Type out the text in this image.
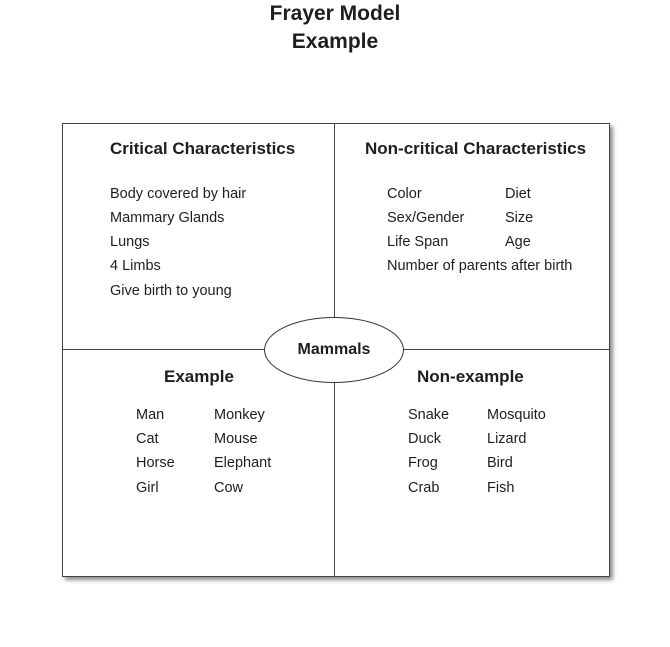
Frayer Model
Example
Critical Characteristics
Body covered by hair
Mammary Glands
Lungs
4 Limbs
Give birth to young
Non-critical Characteristics
Color
Sex/Gender
Life Span
Diet
Size
Age
Number of parents after birth
Example
Man
Cat
Horse
Girl
Monkey
Mouse
Elephant
Cow
Non-example
Snake
Duck
Frog
Crab
Mosquito
Lizard
Bird
Fish
Mammals
